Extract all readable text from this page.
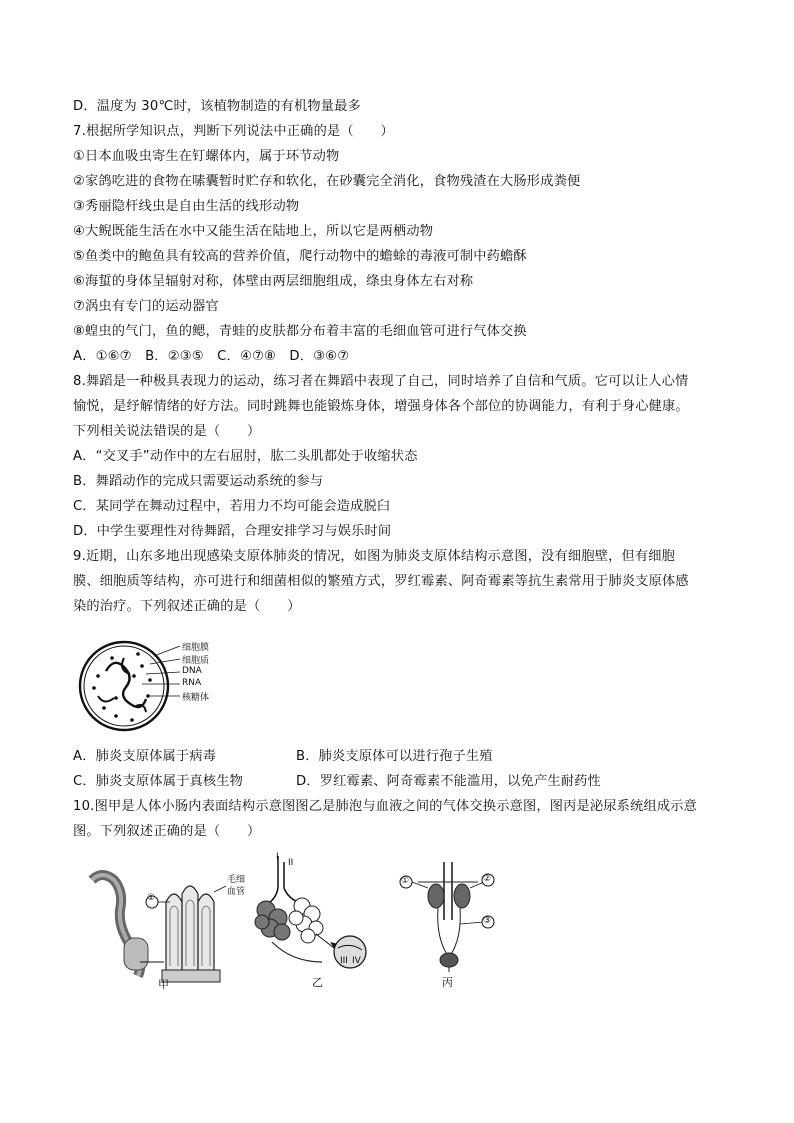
D．温度为 30℃时，该植物制造的有机物量最多
7.根据所学知识点，判断下列说法中正确的是（　　）
①日本血吸虫寄生在钉螺体内，属于环节动物
②家鸽吃进的食物在嗉囊暂时贮存和软化，在砂囊完全消化，食物残渣在大肠形成粪便
③秀丽隐杆线虫是自由生活的线形动物
④大鲵既能生活在水中又能生活在陆地上，所以它是两栖动物
⑤鱼类中的鲍鱼具有较高的营养价值，爬行动物中的蟾蜍的毒液可制中药蟾酥
⑥海蜇的身体呈辐射对称，体壁由两层细胞组成，绦虫身体左右对称
⑦涡虫有专门的运动器官
⑧蝗虫的气门，鱼的鳃，青蛙的皮肤都分布着丰富的毛细血管可进行气体交换
A．①⑥⑦　B．②③⑤　C．④⑦⑧　D．③⑥⑦
8.舞蹈是一种极具表现力的运动，练习者在舞蹈中表现了自己，同时培养了自信和气质。它可以让人心情
愉悦，是纾解情绪的好方法。同时跳舞也能锻炼身体，增强身体各个部位的协调能力，有利于身心健康。
下列相关说法错误的是（　　）
A．“交叉手”动作中的左右屈肘，肱二头肌都处于收缩状态
B．舞蹈动作的完成只需要运动系统的参与
C．某同学在舞动过程中，若用力不均可能会造成脱臼
D．中学生要理性对待舞蹈，合理安排学习与娱乐时间
9.近期，山东多地出现感染支原体肺炎的情况，如图为肺炎支原体结构示意图，没有细胞壁，但有细胞
膜、细胞质等结构，亦可进行和细菌相似的繁殖方式，罗红霉素、阿奇霉素等抗生素常用于肺炎支原体感
染的治疗。下列叙述正确的是（　　）
细胞膜
细胞质
DNA
RNA
核糖体
A．肺炎支原体属于病毒	B．肺炎支原体可以进行孢子生殖
C．肺炎支原体属于真核生物	D．罗红霉素、阿奇霉素不能滥用，以免产生耐药性
10.图甲是人体小肠内表面结构示意图图乙是肺泡与血液之间的气体交换示意图，图丙是泌尿系统组成示意
图。下列叙述正确的是（　　）
①
毛细
血管
甲
I
II
III IV
乙
①	②
③
丙
